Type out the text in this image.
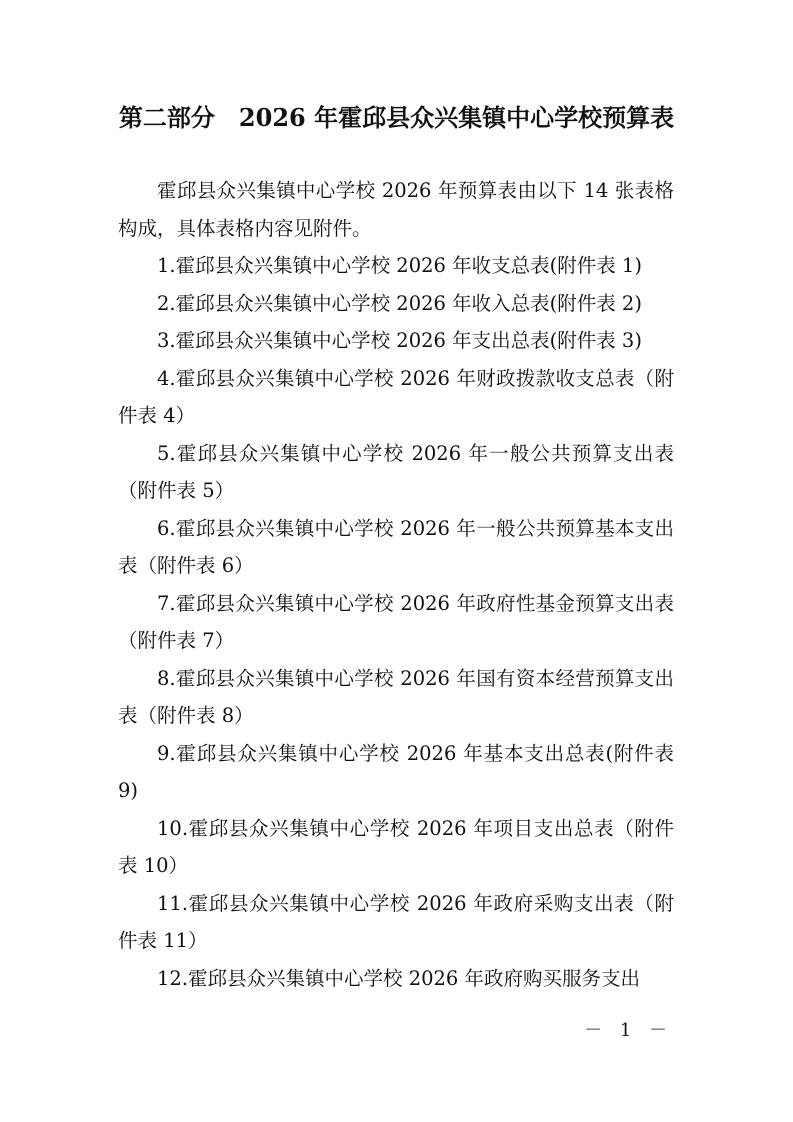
第二部分　2026 年霍邱县众兴集镇中心学校预算表

霍邱县众兴集镇中心学校 2026 年预算表由以下 14 张表格构成，具体表格内容见附件。

1.霍邱县众兴集镇中心学校 2026 年收支总表(附件表 1)

2.霍邱县众兴集镇中心学校 2026 年收入总表(附件表 2)

3.霍邱县众兴集镇中心学校 2026 年支出总表(附件表 3)

4.霍邱县众兴集镇中心学校 2026 年财政拨款收支总表（附件表 4）

5.霍邱县众兴集镇中心学校 2026 年一般公共预算支出表（附件表 5）

6.霍邱县众兴集镇中心学校 2026 年一般公共预算基本支出表（附件表 6）

7.霍邱县众兴集镇中心学校 2026 年政府性基金预算支出表（附件表 7）

8.霍邱县众兴集镇中心学校 2026 年国有资本经营预算支出表（附件表 8）

9.霍邱县众兴集镇中心学校 2026 年基本支出总表(附件表 9)

10.霍邱县众兴集镇中心学校 2026 年项目支出总表（附件表 10）

11.霍邱县众兴集镇中心学校 2026 年政府采购支出表（附件表 11）

12.霍邱县众兴集镇中心学校 2026 年政府购买服务支出

－ 1 －
